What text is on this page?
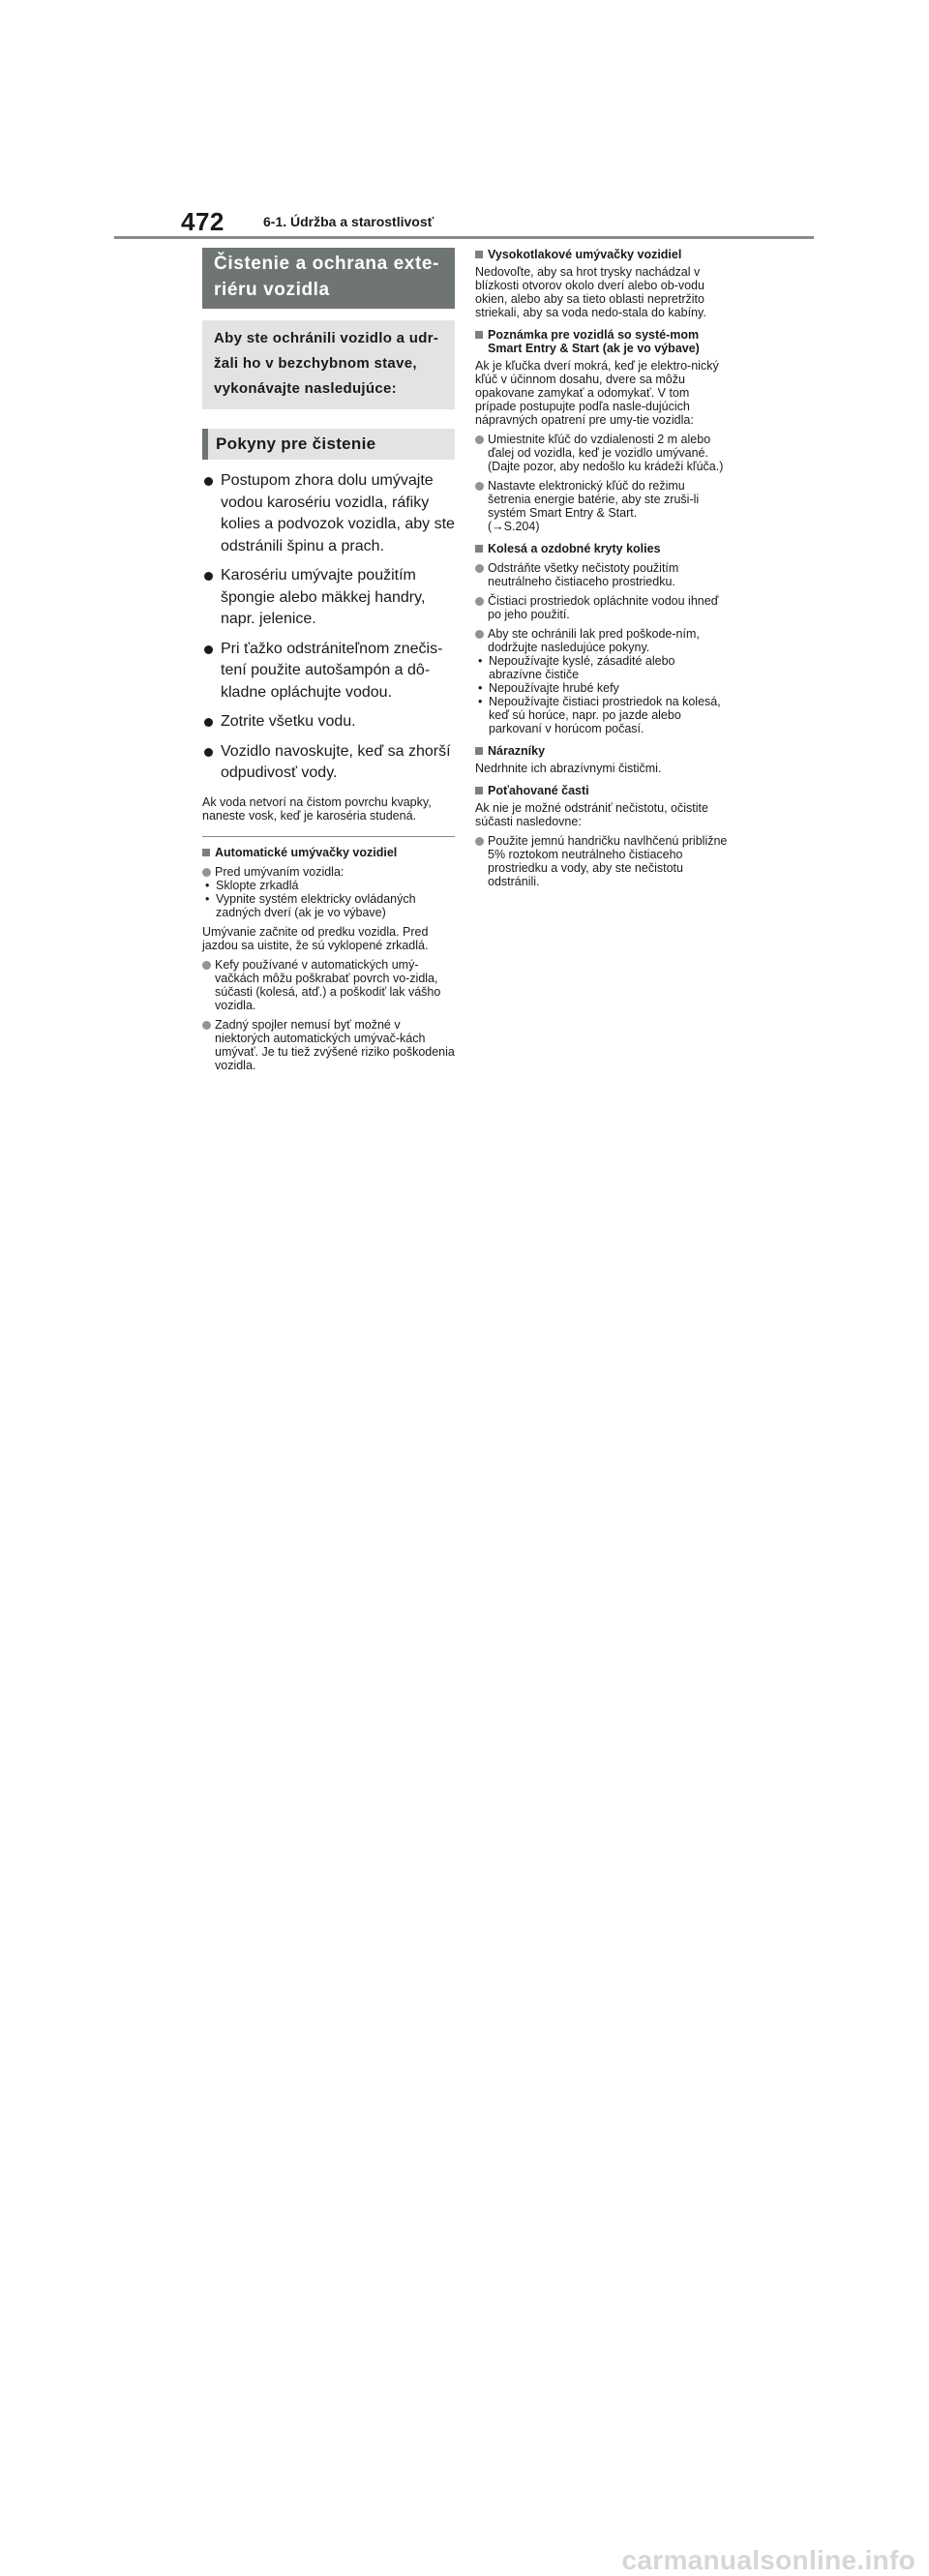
472	6-1. Údržba a starostlivosť
Čistenie a ochrana exte-riéru vozidla
Aby ste ochránili vozidlo a udr-žali ho v bezchybnom stave, vykonávajte nasledujúce:
Pokyny pre čistenie
Postupom zhora dolu umývajte vodou karosériu vozidla, ráfiky kolies a podvozok vozidla, aby ste odstránili špinu a prach.
Karosériu umývajte použitím špongie alebo mäkkej handry, napr. jelenice.
Pri ťažko odstrániteľnom znečis-tení použite autošampón a dô-kladne opláchujte vodou.
Zotrite všetku vodu.
Vozidlo navoskujte, keď sa zhorší odpudivosť vody.
Ak voda netvorí na čistom povrchu kvapky, naneste vosk, keď je karoséria studená.
Automatické umývačky vozidiel
Pred umývaním vozidla:
• Sklopte zrkadlá
• Vypnite systém elektricky ovládaných zadných dverí (ak je vo výbave)
Umývanie začnite od predku vozidla. Pred jazdou sa uistite, že sú vyklopené zrkadlá.
Kefy používané v automatických umý-vačkách môžu poškrabať povrch vo-zidla, súčasti (kolesá, atď.) a poškodiť lak vášho vozidla.
Zadný spojler nemusí byť možné v niektorých automatických umývač-kách umývať. Je tu tiež zvýšené riziko poškodenia vozidla.
Vysokotlakové umývačky vozidiel
Nedovoľte, aby sa hrot trysky nachádzal v blízkosti otvorov okolo dverí alebo ob-vodu okien, alebo aby sa tieto oblasti nepretržito striekali, aby sa voda nedo-stala do kabíny.
Poznámka pre vozidlá so systé-mom Smart Entry & Start (ak je vo výbave)
Ak je kľučka dverí mokrá, keď je elektro-nický kľúč v účinnom dosahu, dvere sa môžu opakovane zamykať a odomykať. V tom prípade postupujte podľa nasle-dujúcich nápravných opatrení pre umy-tie vozidla:
Umiestnite kľúč do vzdialenosti 2 m alebo ďalej od vozidla, keď je vozidlo umývané. (Dajte pozor, aby nedošlo ku krádeži kľúča.)
Nastavte elektronický kľúč do režimu šetrenia energie batérie, aby ste zruši-li systém Smart Entry & Start.
(→S.204)
Kolesá a ozdobné kryty kolies
Odstráňte všetky nečistoty použitím neutrálneho čistiaceho prostriedku.
Čistiaci prostriedok opláchnite vodou ihneď po jeho použití.
Aby ste ochránili lak pred poškode-ním, dodržujte nasledujúce pokyny.
• Nepoužívajte kyslé, zásadité alebo abrazívne čističe
• Nepoužívajte hrubé kefy
• Nepoužívajte čistiaci prostriedok na kolesá, keď sú horúce, napr. po jazde alebo parkovaní v horúcom počasí.
Nárazníky
Nedrhnite ich abrazívnymi čističmi.
Poťahované časti
Ak nie je možné odstrániť nečistotu, očistite súčasti nasledovne:
Použite jemnú handričku navlhčenú približne 5% roztokom neutrálneho čistiaceho prostriedku a vody, aby ste nečistotu odstránili.
carmanualsonline.info
